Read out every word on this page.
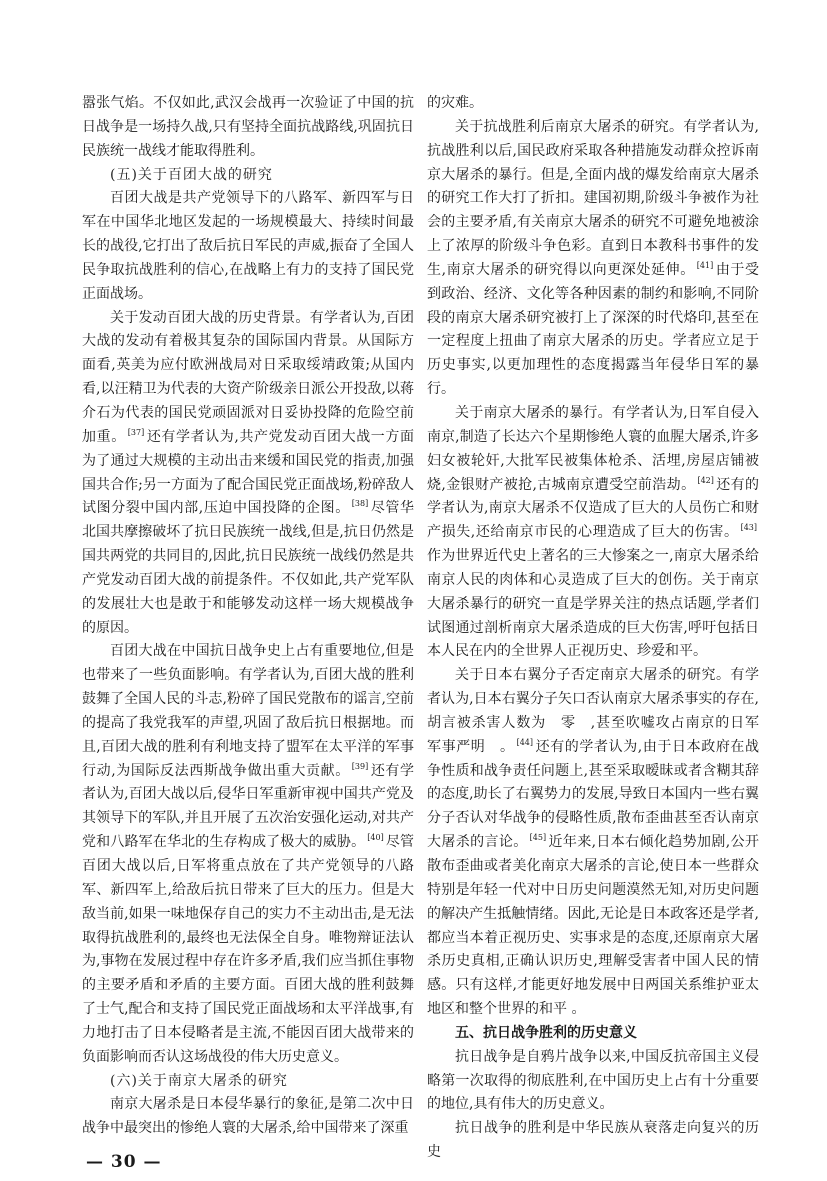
嚣张气焰。不仅如此,武汉会战再一次验证了中国的抗日战争是一场持久战,只有坚持全面抗战路线,巩固抗日民族统一战线才能取得胜利。

(五)关于百团大战的研究

百团大战是共产党领导下的八路军、新四军与日军在中国华北地区发起的一场规模最大、持续时间最长的战役,它打出了敌后抗日军民的声威,振奋了全国人民争取抗战胜利的信心,在战略上有力的支持了国民党正面战场。

关于发动百团大战的历史背景。有学者认为,百团大战的发动有着极其复杂的国际国内背景。从国际方面看,英美为应付欧洲战局对日采取绥靖政策;从国内看,以汪精卫为代表的大资产阶级亲日派公开投敌,以蒋介石为代表的国民党顽固派对日妥协投降的危险空前加重。 [37] 还有学者认为,共产党发动百团大战一方面为了通过大规模的主动出击来缓和国民党的指责,加强国共合作;另一方面为了配合国民党正面战场,粉碎敌人试图分裂中国内部,压迫中国投降的企图。 [38] 尽管华北国共摩擦破坏了抗日民族统一战线,但是,抗日仍然是国共两党的共同目的,因此,抗日民族统一战线仍然是共产党发动百团大战的前提条件。不仅如此,共产党军队的发展壮大也是敢于和能够发动这样一场大规模战争的原因。

百团大战在中国抗日战争史上占有重要地位,但是也带来了一些负面影响。有学者认为,百团大战的胜利鼓舞了全国人民的斗志,粉碎了国民党散布的谣言,空前的提高了我党我军的声望,巩固了敌后抗日根据地。而且,百团大战的胜利有利地支持了盟军在太平洋的军事行动,为国际反法西斯战争做出重大贡献。 [39] 还有学者认为,百团大战以后,侵华日军重新审视中国共产党及其领导下的军队,并且开展了五次治安强化运动,对共产党和八路军在华北的生存构成了极大的威胁。 [40] 尽管百团大战以后,日军将重点放在了共产党领导的八路军、新四军上,给敌后抗日带来了巨大的压力。但是大敌当前,如果一味地保存自己的实力不主动出击,是无法取得抗战胜利的,最终也无法保全自身。唯物辩证法认为,事物在发展过程中存在许多矛盾,我们应当抓住事物的主要矛盾和矛盾的主要方面。百团大战的胜利鼓舞了士气,配合和支持了国民党正面战场和太平洋战事,有力地打击了日本侵略者是主流,不能因百团大战带来的负面影响而否认这场战役的伟大历史意义。

(六)关于南京大屠杀的研究

南京大屠杀是日本侵华暴行的象征,是第二次中日战争中最突出的惨绝人寰的大屠杀,给中国带来了深重

的灾难。

关于抗战胜利后南京大屠杀的研究。有学者认为,抗战胜利以后,国民政府采取各种措施发动群众控诉南京大屠杀的暴行。但是,全面内战的爆发给南京大屠杀的研究工作大打了折扣。建国初期,阶级斗争被作为社会的主要矛盾,有关南京大屠杀的研究不可避免地被涂上了浓厚的阶级斗争色彩。直到日本教科书事件的发生,南京大屠杀的研究得以向更深处延伸。 [41] 由于受到政治、经济、文化等各种因素的制约和影响,不同阶段的南京大屠杀研究被打上了深深的时代烙印,甚至在一定程度上扭曲了南京大屠杀的历史。学者应立足于历史事实,以更加理性的态度揭露当年侵华日军的暴行。

关于南京大屠杀的暴行。有学者认为,日军自侵入南京,制造了长达六个星期惨绝人寰的血腥大屠杀,许多妇女被轮奸,大批军民被集体枪杀、活埋,房屋店铺被烧,金银财产被抢,古城南京遭受空前浩劫。 [42] 还有的学者认为,南京大屠杀不仅造成了巨大的人员伤亡和财产损失,还给南京市民的心理造成了巨大的伤害。 [43]作为世界近代史上著名的三大惨案之一,南京大屠杀给南京人民的肉体和心灵造成了巨大的创伤。关于南京大屠杀暴行的研究一直是学界关注的热点话题,学者们试图通过剖析南京大屠杀造成的巨大伤害,呼吁包括日本人民在内的全世界人正视历史、珍爱和平。

关于日本右翼分子否定南京大屠杀的研究。有学者认为,日本右翼分子矢口否认南京大屠杀事实的存在,胡言被杀害人数为　零　,甚至吹嘘攻占南京的日军　军事严明　。 [44] 还有的学者认为,由于日本政府在战争性质和战争责任问题上,甚至采取暧昧或者含糊其辞的态度,助长了右翼势力的发展,导致日本国内一些右翼分子否认对华战争的侵略性质,散布歪曲甚至否认南京大屠杀的言论。 [45] 近年来,日本右倾化趋势加剧,公开散布歪曲或者美化南京大屠杀的言论,使日本一些群众特别是年轻一代对中日历史问题漠然无知,对历史问题的解决产生抵触情绪。因此,无论是日本政客还是学者,都应当本着正视历史、实事求是的态度,还原南京大屠杀历史真相,正确认识历史,理解受害者中国人民的情感。只有这样,才能更好地发展中日两国关系维护亚太地区和整个世界的和平 。

五、抗日战争胜利的历史意义

抗日战争是自鸦片战争以来,中国反抗帝国主义侵略第一次取得的彻底胜利,在中国历史上占有十分重要的地位,具有伟大的历史意义。

抗日战争的胜利是中华民族从衰落走向复兴的历史

— 30 —
